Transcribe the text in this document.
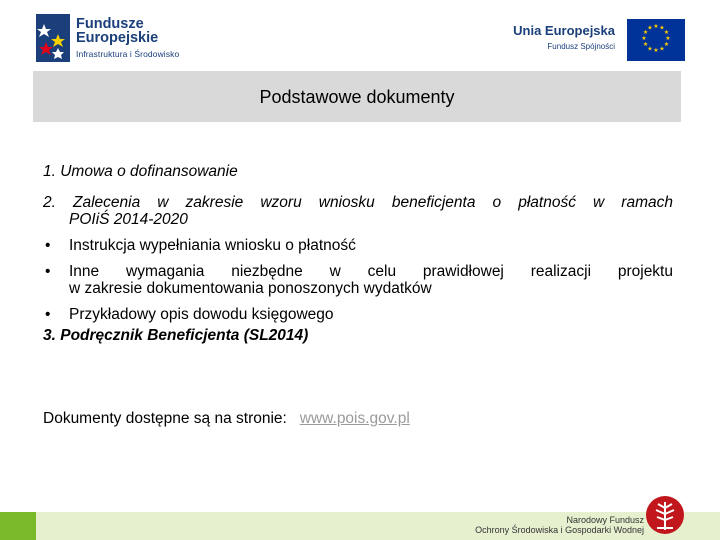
Fundusze
Europejskie
Infrastruktura i Środowisko
Unia Europejska
Fundusz Spójności
★ ★
★
★
★
★
★
★
★
★
★
★
Podstawowe dokumenty
1. Umowa o dofinansowanie
2. Zalecenia w zakresie wzoru wniosku beneficjenta o płatność w ramach
POIiŚ 2014-2020
• Instrukcja wypełniania wniosku o płatność
• Inne wymagania niezbędne w celu prawidłowej realizacji projektu
w zakresie dokumentowania ponoszonych wydatków
• Przykładowy opis dowodu księgowego
3. Podręcznik Beneficjenta (SL2014)
Dokumenty dostępne są na stronie: www.pois.gov.pl
Narodowy Fundusz
Ochrony Środowiska i Gospodarki Wodnej
